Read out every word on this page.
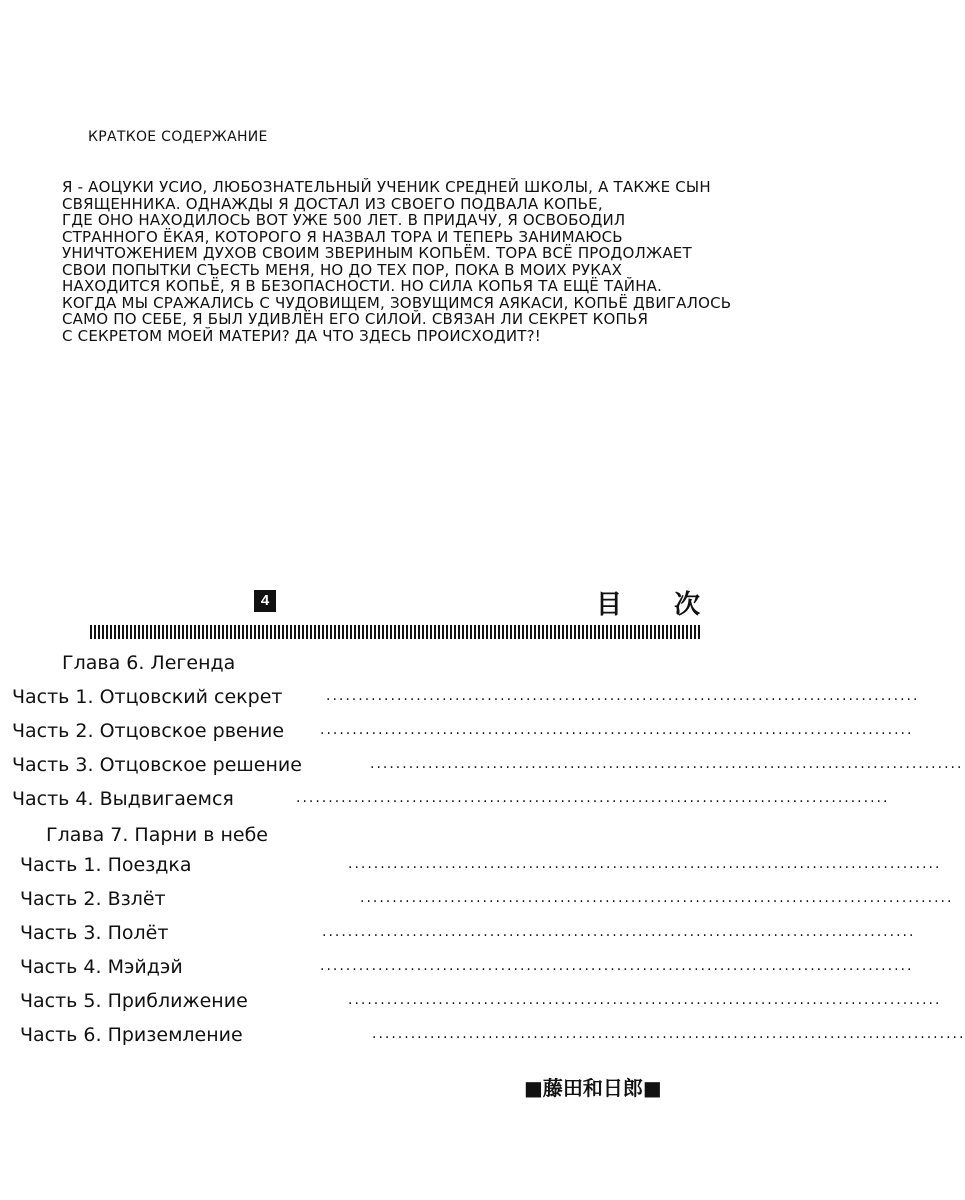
КРАТКОЕ СОДЕРЖАНИЕ
Я - АОЦУКИ УСИО, ЛЮБОЗНАТЕЛЬНЫЙ УЧЕНИК СРЕДНЕЙ ШКОЛЫ, А ТАКЖЕ СЫН
СВЯЩЕННИКА. ОДНАЖДЫ Я ДОСТАЛ ИЗ СВОЕГО ПОДВАЛА КОПЬЕ,
ГДЕ ОНО НАХОДИЛОСЬ ВОТ УЖЕ 500 ЛЕТ. В ПРИДАЧУ, Я ОСВОБОДИЛ
СТРАННОГО ЁКАЯ, КОТОРОГО Я НАЗВАЛ ТОРА И ТЕПЕРЬ ЗАНИМАЮСЬ
УНИЧТОЖЕНИЕМ ДУХОВ СВОИМ ЗВЕРИНЫМ КОПЬЁМ. ТОРА ВСЁ ПРОДОЛЖАЕТ
СВОИ ПОПЫТКИ СЪЕСТЬ МЕНЯ, НО ДО ТЕХ ПОР, ПОКА В МОИХ РУКАХ
НАХОДИТСЯ КОПЬЁ, Я В БЕЗОПАСНОСТИ. НО СИЛА КОПЬЯ ТА ЕЩЁ ТАЙНА.
КОГДА МЫ СРАЖАЛИСЬ С ЧУДОВИЩЕМ, ЗОВУЩИМСЯ АЯКАСИ, КОПЬЁ ДВИГАЛОСЬ
САМО ПО СЕБЕ, Я БЫЛ УДИВЛЁН ЕГО СИЛОЙ. СВЯЗАН ЛИ СЕКРЕТ КОПЬЯ
С СЕКРЕТОМ МОЕЙ МАТЕРИ? ДА ЧТО ЗДЕСЬ ПРОИСХОДИТ?!
4	目 次
Глава 6. Легенда
Часть 1. Отцовский секрет	............................................................................................
Часть 2. Отцовское рвение	............................................................................................
Часть 3. Отцовское решение	............................................................................................
Часть 4. Выдвигаемся	............................................................................................
Глава 7. Парни в небе
Часть 1. Поездка	............................................................................................
Часть 2. Взлёт	............................................................................................
Часть 3. Полёт	............................................................................................
Часть 4. Мэйдэй	............................................................................................
Часть 5. Приближение	............................................................................................
Часть 6. Приземление	............................................................................................
■藤田和日郎■
